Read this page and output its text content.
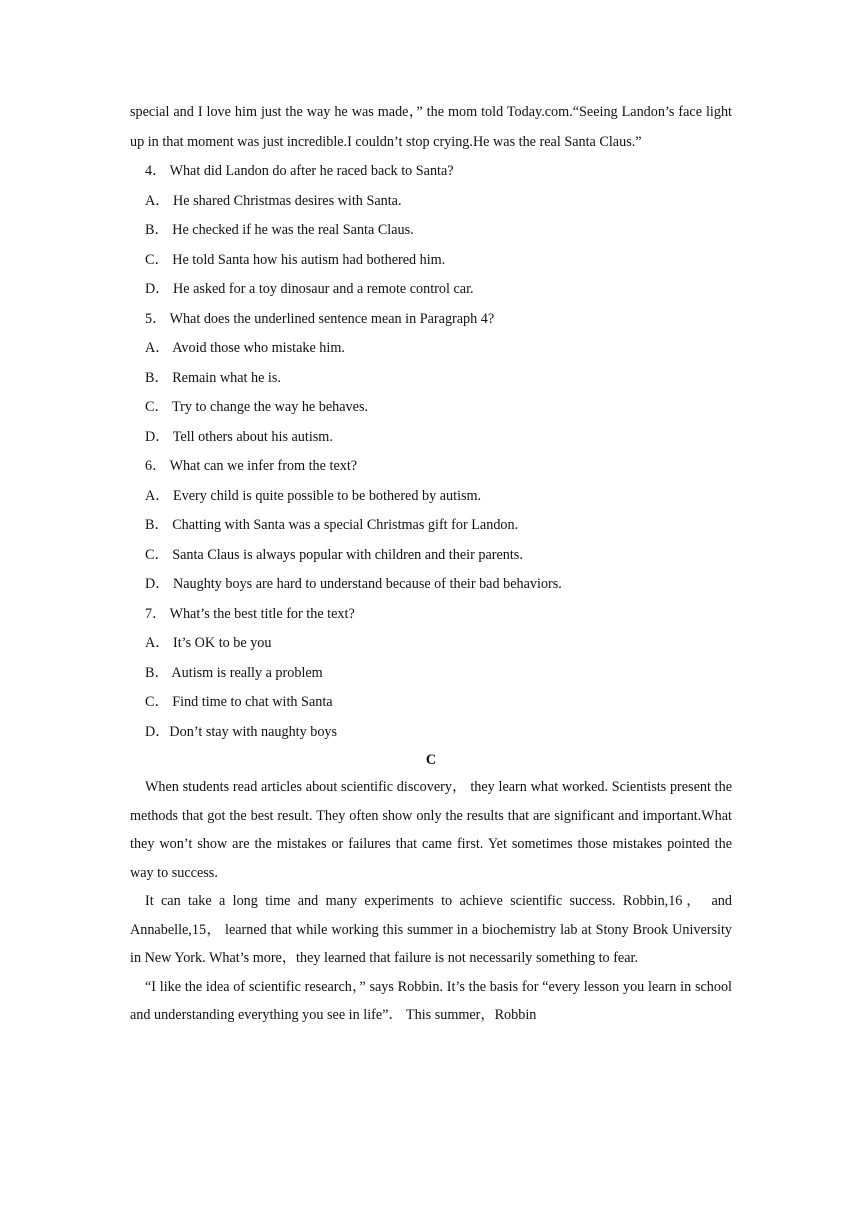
special and I love him just the way he was made，” the mom told Today.com.“Seeing Landon’s face light up in that moment was just incredible.I couldn’t stop crying.He was the real Santa Claus.”

4． What did Landon do after he raced back to Santa?

A． He shared Christmas desires with Santa.

B． He checked if he was the real Santa Claus.

C． He told Santa how his autism had bothered him.

D． He asked for a toy dinosaur and a remote control car.

5． What does the underlined sentence mean in Paragraph 4?

A． Avoid those who mistake him.

B． Remain what he is.

C． Try to change the way he behaves.

D． Tell others about his autism.

6． What can we infer from the text?

A． Every child is quite possible to be bothered by autism.

B． Chatting with Santa was a special Christmas gift for Landon.

C． Santa Claus is always popular with children and their parents.

D． Naughty boys are hard to understand because of their bad behaviors.

7． What’s the best title for the text?

A． It’s OK to be you

B． Autism is really a problem

C． Find time to chat with Santa

D．Don’t stay with naughty boys

C

When students read articles about scientific discovery， they learn what worked. Scientists present the methods that got the best result. They often show only the results that are significant and important.What they won’t show are the mistakes or failures that came first. Yet sometimes those mistakes pointed the way to success.

It can take a long time and many experiments to achieve scientific success. Robbin,16， and Annabelle,15， learned that while working this summer in a biochemistry lab at Stony Brook University in New York. What’s more，they learned that failure is not necessarily something to fear.

“I like the idea of scientific research，” says Robbin. It’s the basis for “every lesson you learn in school and understanding everything you see in life”． This summer，Robbin
